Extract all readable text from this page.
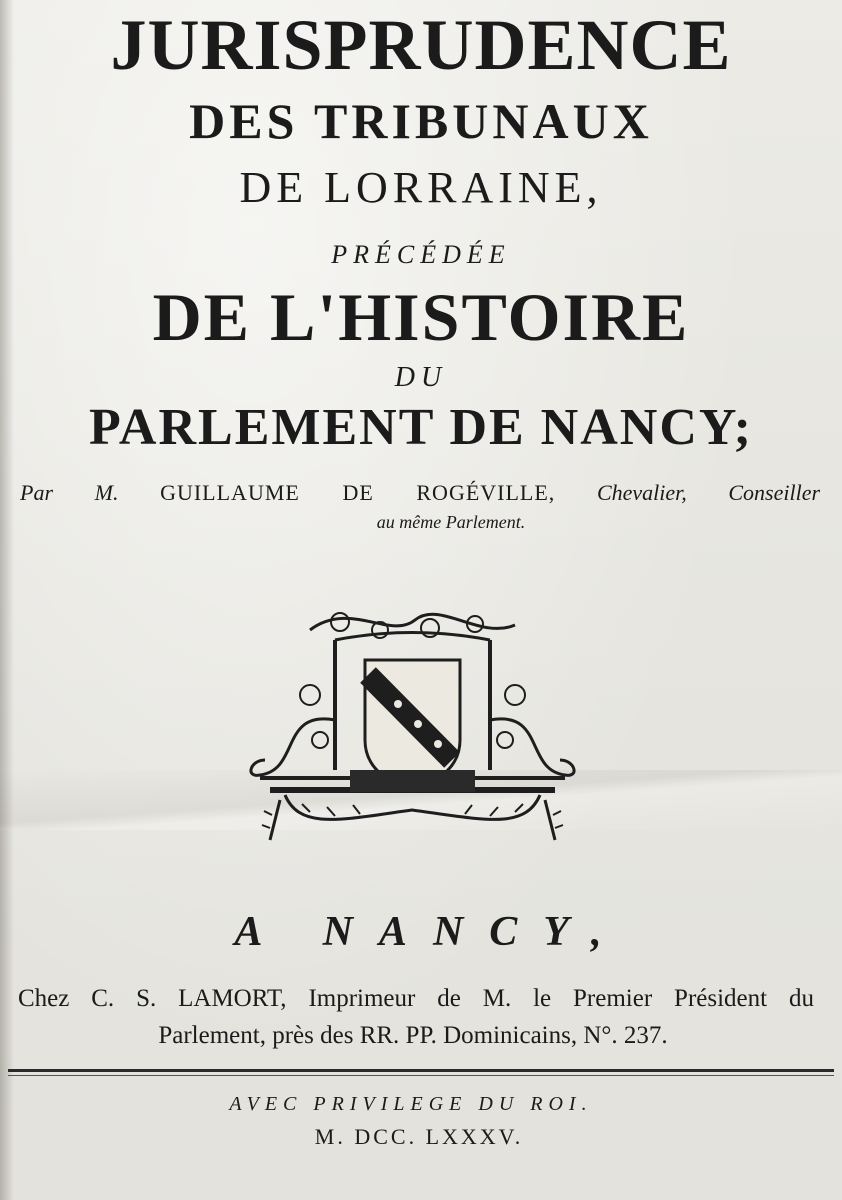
JURISPRUDENCE
DES TRIBUNAUX
DE LORRAINE,
PRÉCÉDÉE
DE L'HISTOIRE
DU
PARLEMENT DE NANCY;
Par M. GUILLAUME DE ROGÉVILLE, Chevalier, Conseiller
au même Parlement.
A NANCY,
Chez C. S. LAMORT, Imprimeur de M. le Premier Président du
Parlement, près des RR. PP. Dominicains, N°. 237.
AVEC PRIVILEGE DU ROI.
M. DCC. LXXXV.
